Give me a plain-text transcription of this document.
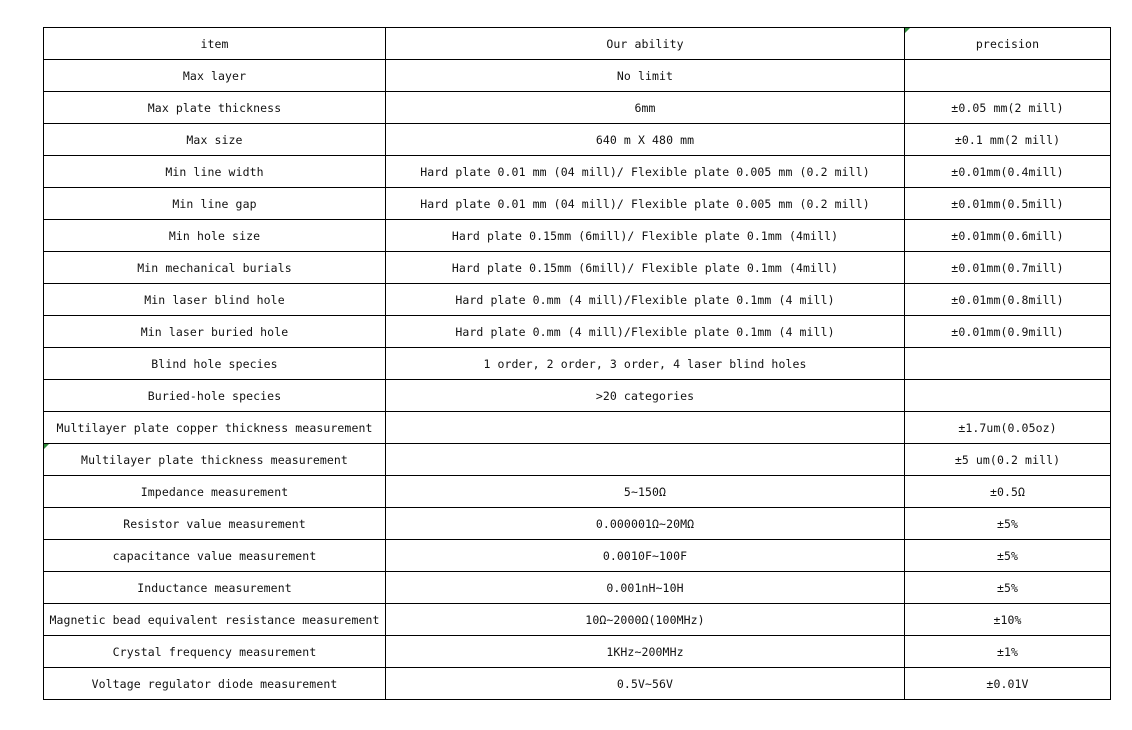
item	Our ability	precision
Max layer	No limit	
Max plate thickness	6mm	±0.05 mm(2 mill)
Max size	640 m X 480 mm	±0.1 mm(2 mill)
Min line width	Hard plate 0.01 mm (04 mill)/ Flexible plate 0.005 mm (0.2 mill)	±0.01mm(0.4mill)
Min line gap	Hard plate 0.01 mm (04 mill)/ Flexible plate 0.005 mm (0.2 mill)	±0.01mm(0.5mill)
Min hole size	Hard plate 0.15mm (6mill)/ Flexible plate 0.1mm (4mill)	±0.01mm(0.6mill)
Min mechanical burials	Hard plate 0.15mm (6mill)/ Flexible plate 0.1mm (4mill)	±0.01mm(0.7mill)
Min laser blind hole	Hard plate 0.mm (4 mill)/Flexible plate 0.1mm (4 mill)	±0.01mm(0.8mill)
Min laser buried hole	Hard plate 0.mm (4 mill)/Flexible plate 0.1mm (4 mill)	±0.01mm(0.9mill)
Blind hole species	1 order, 2 order, 3 order, 4 laser blind holes	
Buried-hole species	>20 categories	
Multilayer plate copper thickness measurement		±1.7um(0.05oz)

Multilayer plate thickness measurement		±5 um(0.2 mill)
Impedance measurement	5~150Ω	±0.5Ω
Resistor value measurement	0.000001Ω~20MΩ	±5%
capacitance value measurement	0.0010F~100F	±5%
Inductance measurement	0.001nH~10H	±5%
Magnetic bead equivalent resistance measurement	10Ω~2000Ω(100MHz)	±10%
Crystal frequency measurement	1KHz~200MHz	±1%
Voltage regulator diode measurement	0.5V~56V	±0.01V
